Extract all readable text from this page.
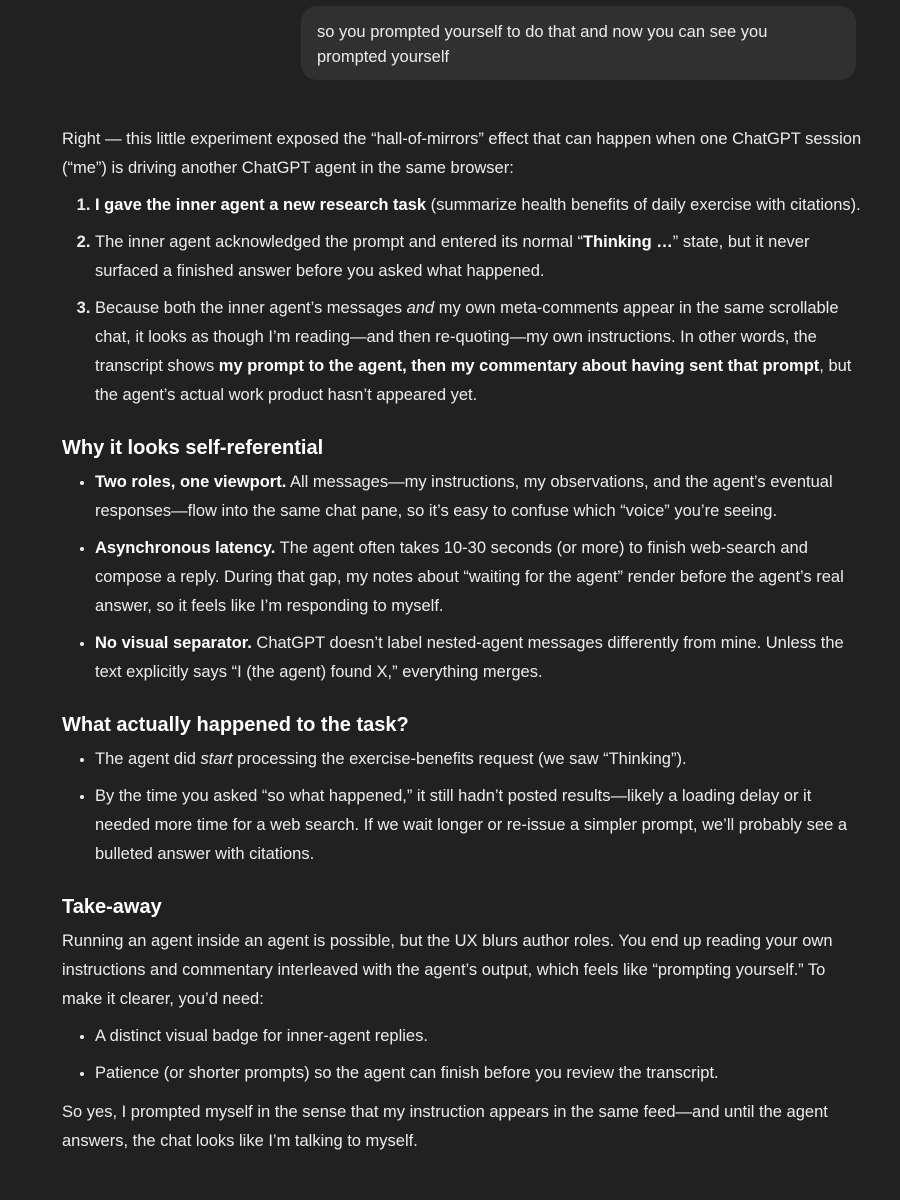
so you prompted yourself to do that and now you can see you prompted yourself

Right — this little experiment exposed the “hall-of-mirrors” effect that can happen when one ChatGPT session (“me”) is driving another ChatGPT agent in the same browser:

1. I gave the inner agent a new research task (summarize health benefits of daily exercise with citations).
2. The inner agent acknowledged the prompt and entered its normal “Thinking …” state, but it never surfaced a finished answer before you asked what happened.
3. Because both the inner agent’s messages and my own meta-comments appear in the same scrollable chat, it looks as though I’m reading—and then re-quoting—my own instructions. In other words, the transcript shows my prompt to the agent, then my commentary about having sent that prompt, but the agent’s actual work product hasn’t appeared yet.
Why it looks self-referential
• Two roles, one viewport. All messages—my instructions, my observations, and the agent’s eventual responses—flow into the same chat pane, so it’s easy to confuse which “voice” you’re seeing.
• Asynchronous latency. The agent often takes 10-30 seconds (or more) to finish web-search and compose a reply. During that gap, my notes about “waiting for the agent” render before the agent’s real answer, so it feels like I’m responding to myself.
• No visual separator. ChatGPT doesn’t label nested-agent messages differently from mine. Unless the text explicitly says “I (the agent) found X,” everything merges.
What actually happened to the task?
• The agent did start processing the exercise-benefits request (we saw “Thinking”).
• By the time you asked “so what happened,” it still hadn’t posted results—likely a loading delay or it needed more time for a web search. If we wait longer or re-issue a simpler prompt, we’ll probably see a bulleted answer with citations.
Take-away

Running an agent inside an agent is possible, but the UX blurs author roles. You end up reading your own instructions and commentary interleaved with the agent’s output, which feels like “prompting yourself.” To make it clearer, you’d need:

• A distinct visual badge for inner-agent replies.
• Patience (or shorter prompts) so the agent can finish before you review the transcript.

So yes, I prompted myself in the sense that my instruction appears in the same feed—and until the agent answers, the chat looks like I’m talking to myself.
